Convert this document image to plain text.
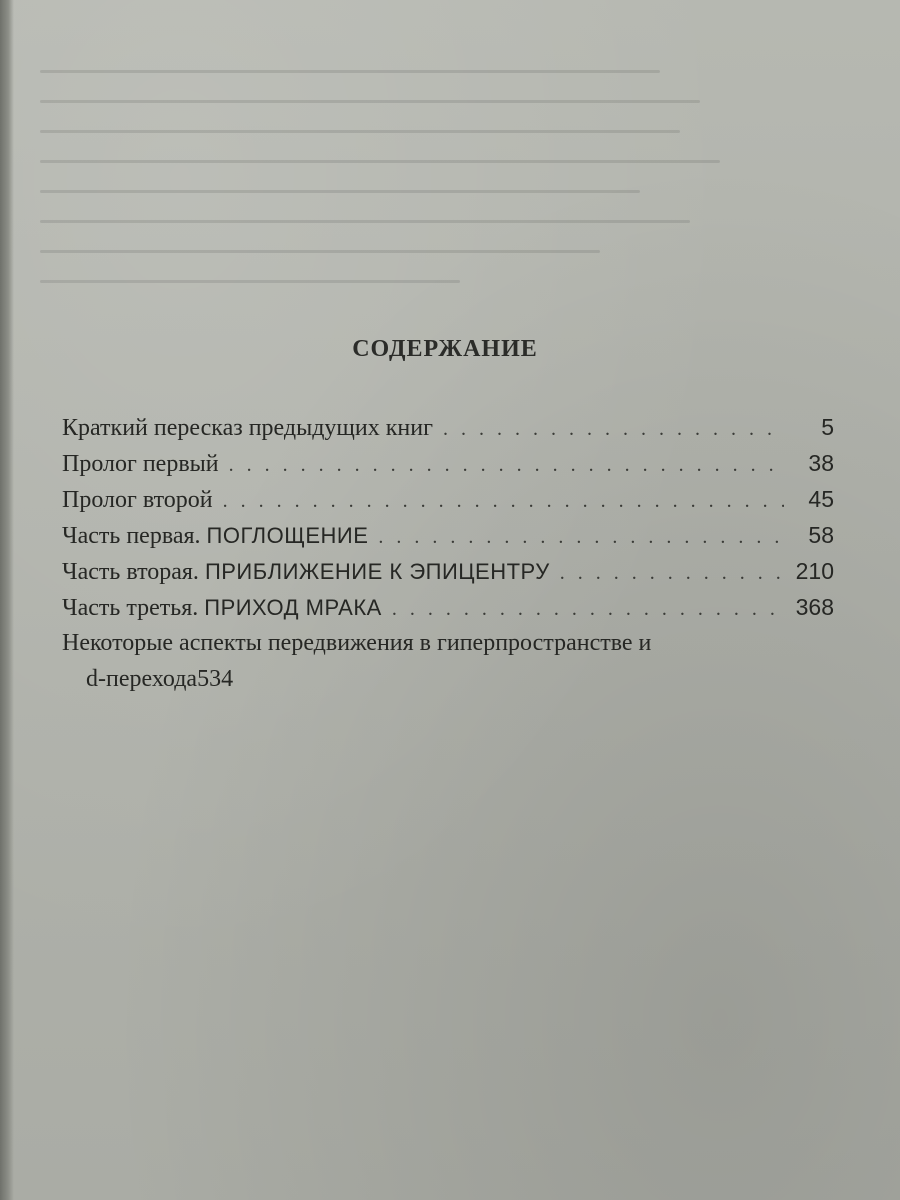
СОДЕРЖАНИЕ
Краткий пересказ предыдущих книг . . .	5
Пролог первый . . .	38
Пролог второй . . .	45
Часть первая. ПОГЛОЩЕНИЕ . . .	58
Часть вторая. ПРИБЛИЖЕНИЕ К ЭПИЦЕНТРУ . . .	210
Часть третья. ПРИХОД МРАКА . . .	368
Некоторые аспекты передвижения в гиперпространстве и
d-перехода 534
